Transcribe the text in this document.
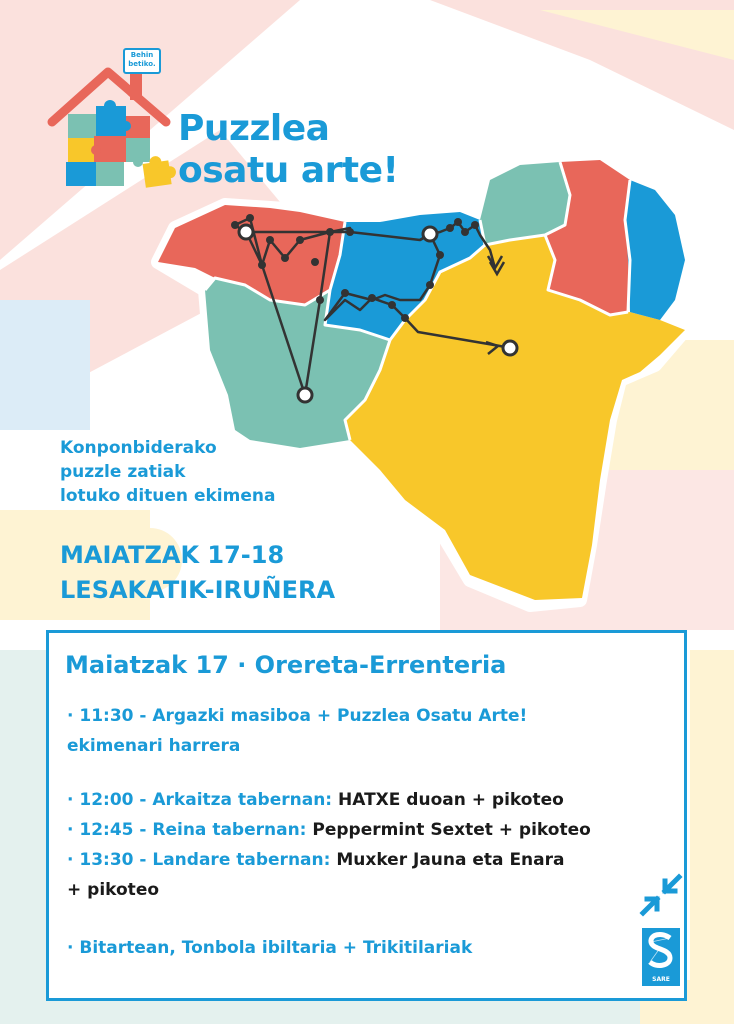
Behin
betiko.
Puzzlea
osatu arte!
Konponbiderako
puzzle zatiak
lotuko dituen ekimena
MAIATZAK 17-18
LESAKATIK-IRUÑERA
Maiatzak 17 · Orereta-Errenteria
· 11:30 - Argazki masiboa + Puzzlea Osatu Arte!
ekimenari harrera
· 12:00 - Arkaitza tabernan: HATXE duoan + pikoteo
· 12:45 - Reina tabernan: Peppermint Sextet + pikoteo
· 13:30 - Landare tabernan: Muxker Jauna eta Enara
+ pikoteo
· Bitartean, Tonbola ibiltaria + Trikitilariak
SARE
